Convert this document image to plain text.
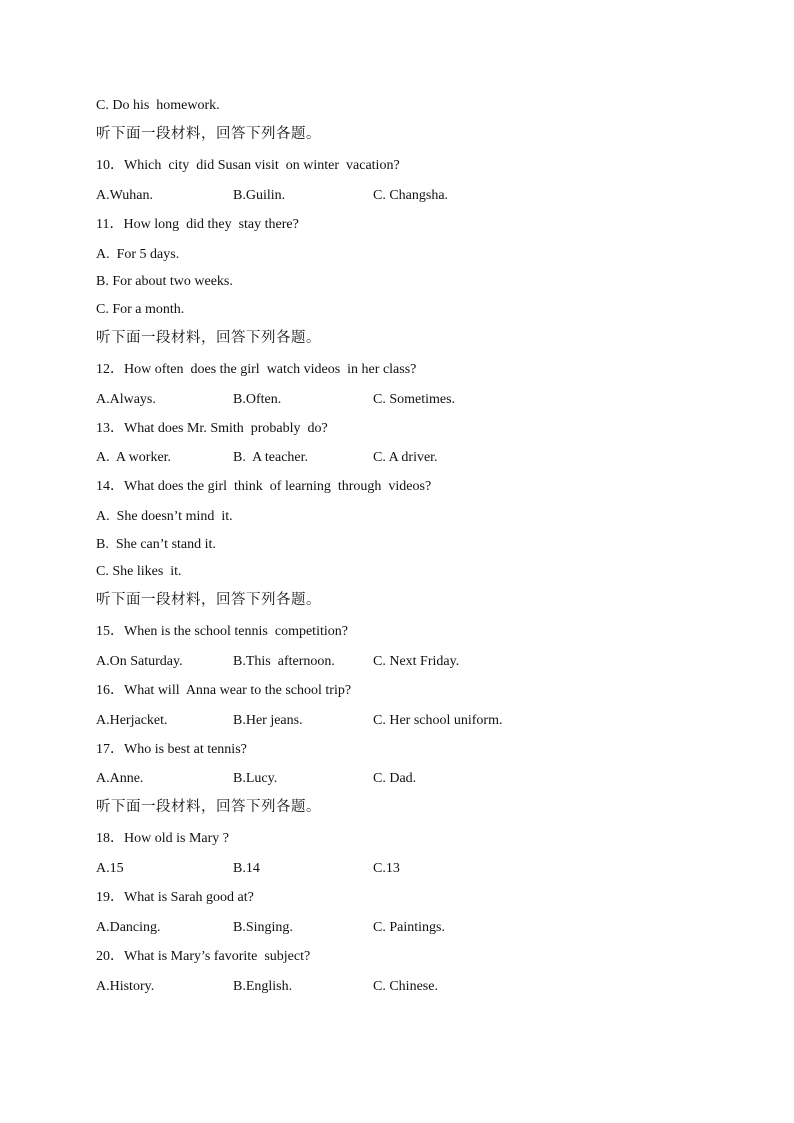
C. Do his  homework.
听下面一段材料，回答下列各题。
10．Which  city  did Susan visit  on winter  vacation?
A.Wuhan.	B.Guilin.	C. Changsha.
11．How long  did they  stay there?
A.  For 5 days.
B. For about two weeks.
C. For a month.
听下面一段材料，回答下列各题。
12．How often  does the girl  watch videos  in her class?
A.Always.	B.Often.	C. Sometimes.
13．What does Mr. Smith  probably  do?
A.  A worker.	B.  A teacher.	C. A driver.
14．What does the girl  think  of learning  through  videos?
A.  She doesn’t mind  it.
B.  She can’t stand it.
C. She likes  it.
听下面一段材料，回答下列各题。
15．When is the school tennis  competition?
A.On Saturday.	B.This  afternoon.	C. Next Friday.
16．What will  Anna wear to the school trip?
A.Herjacket.	B.Her jeans.	C. Her school uniform.
17．Who is best at tennis?
A.Anne.	B.Lucy.	C. Dad.
听下面一段材料，回答下列各题。
18．How old is Mary ?
A.15	B.14	C.13
19．What is Sarah good at?
A.Dancing.	B.Singing.	C. Paintings.
20．What is Mary’s favorite  subject?
A.History.	B.English.	C. Chinese.
